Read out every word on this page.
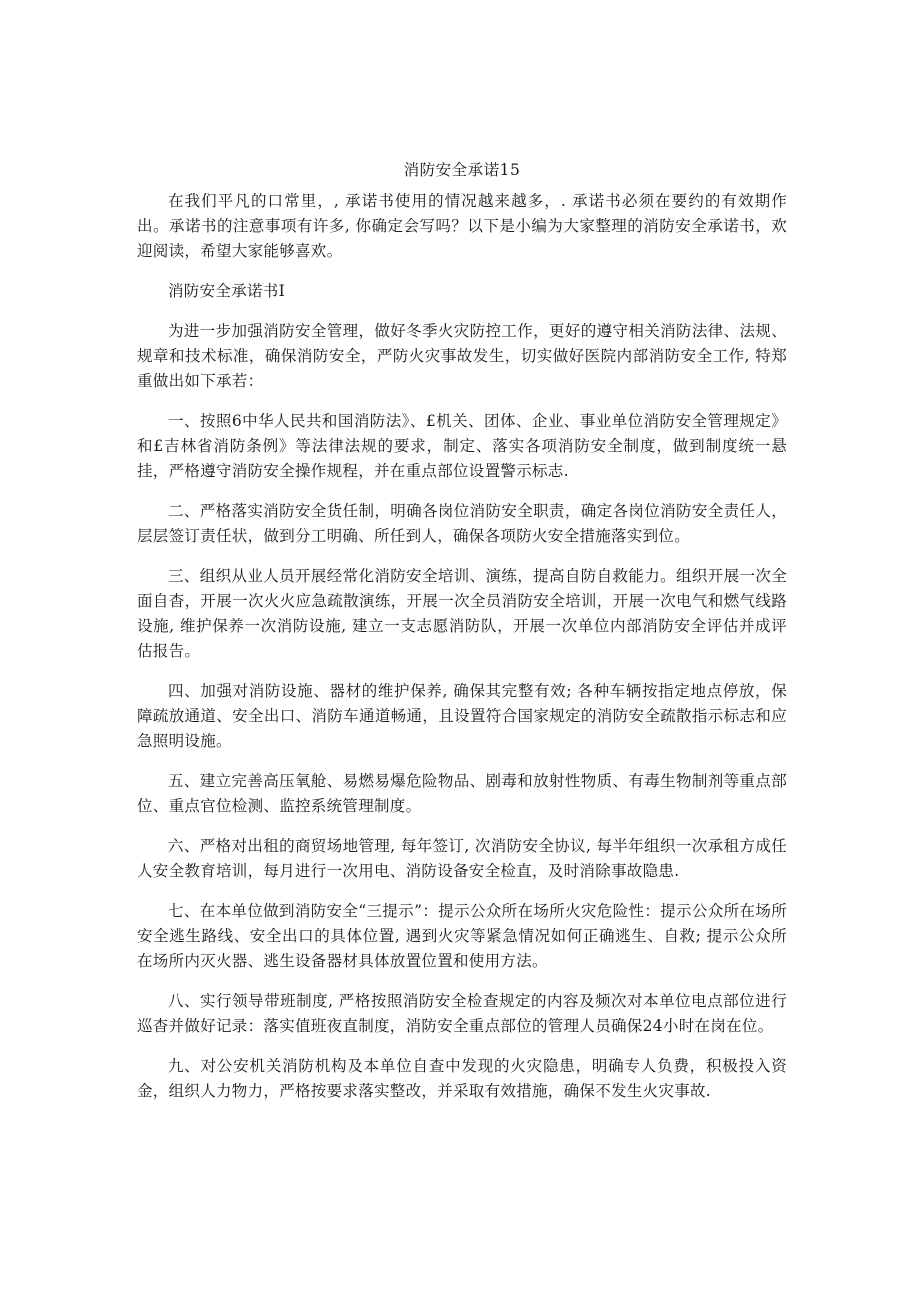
消防安全承诺15

在我们平凡的口常里，, 承诺书使用的情况越来越多，. 承诺书必须在要约的有效期作出。承诺书的注意事项有许多, 你确定会写吗？以下是小编为大家整理的消防安全承诺书，欢迎阅读，希望大家能够喜欢。

消防安全承诺书I

为进一步加强消防安全管理，做好冬季火灾防控工作，更好的遵守相关消防法律、法规、规章和技术标准，确保消防安全，严防火灾事故发生，切实做好医院内部消防安全工作, 特郑重做出如下承若：

一、按照6中华人民共和国消防法》、£机关、团体、企业、事业单位消防安全管理规定》和£吉林省消防条例》等法律法规的要求，制定、落实各项消防安全制度，做到制度统一悬挂，严格遵守消防安全操作规程，并在重点部位设置警示标志.

二、严格落实消防安全货任制，明确各岗位消防安全职责，确定各岗位消防安全责任人，层层签订责任状，做到分工明确、所任到人，确保各项防火安全措施落实到位。

三、组织从业人员开展经常化消防安全培训、演练，提高自防自救能力。组织开展一次全面自杳，开展一次火火应急疏散演练，开展一次全员消防安全培训，开展一次电气和燃气线路设施, 维护保养一次消防设施, 建立一支志愿消防队，开展一次单位内部消防安全评估并成评估报告。

四、加强对消防设施、器材的维护保养, 确保其完整有效; 各种车辆按指定地点停放，保障疏放通道、安全出口、消防车通道畅通，且设置符合国家规定的消防安全疏散指示标志和应急照明设施。

五、建立完善高压氧舱、易燃易爆危险物品、剧毒和放射性物质、有毒生物制剂等重点部位、重点官位检测、监控系统管理制度。

六、严格对出租的商贸场地管理, 每年签订, 次消防安全协议, 每半年组织一次承租方成任人安全教育培训，每月进行一次用电、消防设备安全检直，及时消除事故隐患.

七、在本单位做到消防安全“三提示”：提示公众所在场所火灾危险性：提示公众所在场所安全逃生路线、安全出口的具体位置, 遇到火灾等紧急情况如何正确逃生、自救; 提示公众所在场所内灭火器、逃生设备器材具体放置位置和使用方法。

八、实行领导带班制度, 严格按照消防安全检查规定的内容及频次对本单位电点部位进行巡杳并做好记录：落实值班夜直制度，消防安全重点部位的管理人员确保24小时在岗在位。

九、对公安机关消防机构及本单位自查中发现的火灾隐患，明确专人负费，积极投入资金，组织人力物力，严格按要求落实整改，并采取有效措施，确保不发生火灾事故.
